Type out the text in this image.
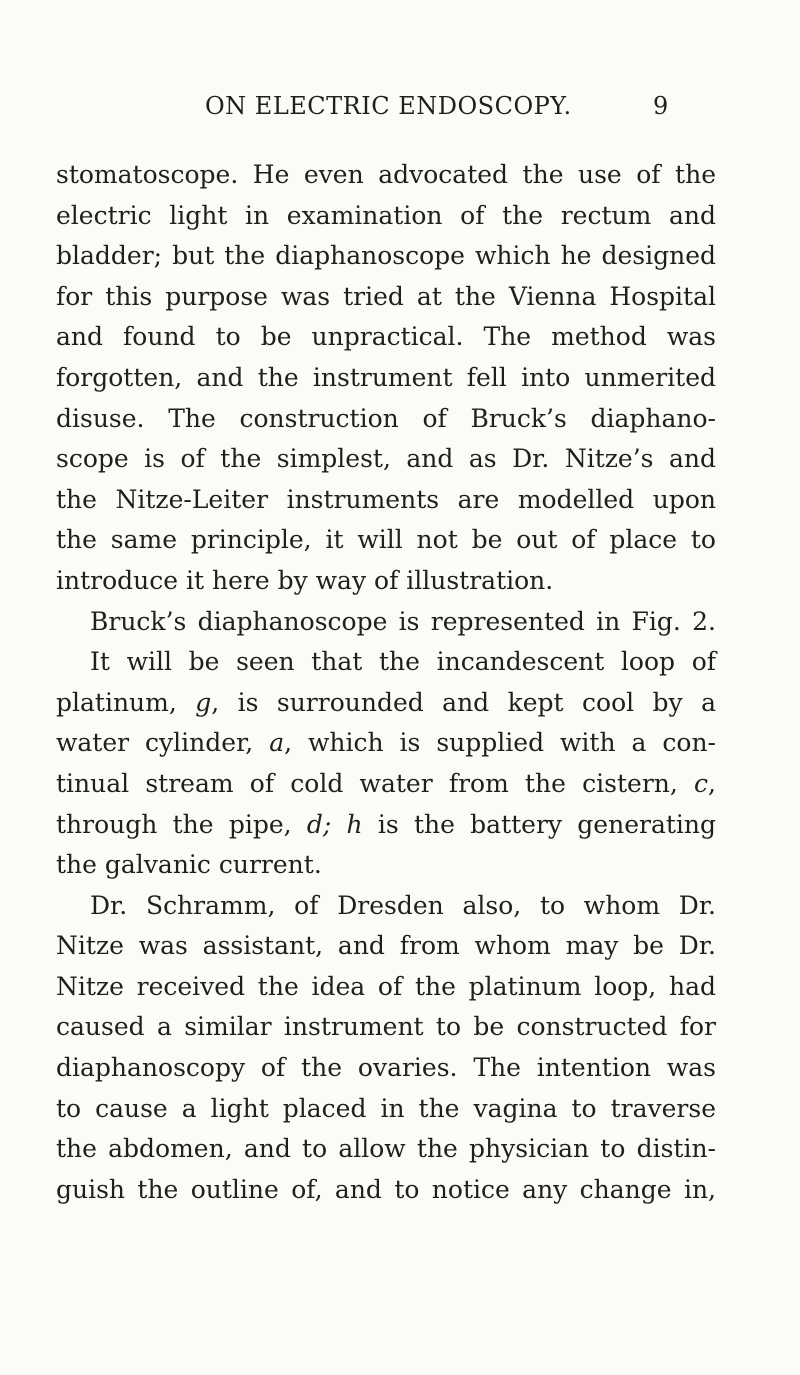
ON ELECTRIC ENDOSCOPY.	9
stomatoscope. He even advocated the use of the
electric light in examination of the rectum and
bladder; but the diaphanoscope which he designed
for this purpose was tried at the Vienna Hospital
and found to be unpractical. The method was
forgotten, and the instrument fell into unmerited
disuse. The construction of Bruck’s diaphano-
scope is of the simplest, and as Dr. Nitze’s and
the Nitze-Leiter instruments are modelled upon
the same principle, it will not be out of place to
introduce it here by way of illustration.
Bruck’s diaphanoscope is represented in Fig. 2.
It will be seen that the incandescent loop of
platinum, g, is surrounded and kept cool by a
water cylinder, a, which is supplied with a con-
tinual stream of cold water from the cistern, c,
through the pipe, d; h is the battery generating
the galvanic current.
Dr. Schramm, of Dresden also, to whom Dr.
Nitze was assistant, and from whom may be Dr.
Nitze received the idea of the platinum loop, had
caused a similar instrument to be constructed for
diaphanoscopy of the ovaries. The intention was
to cause a light placed in the vagina to traverse
the abdomen, and to allow the physician to distin-
guish the outline of, and to notice any change in,
